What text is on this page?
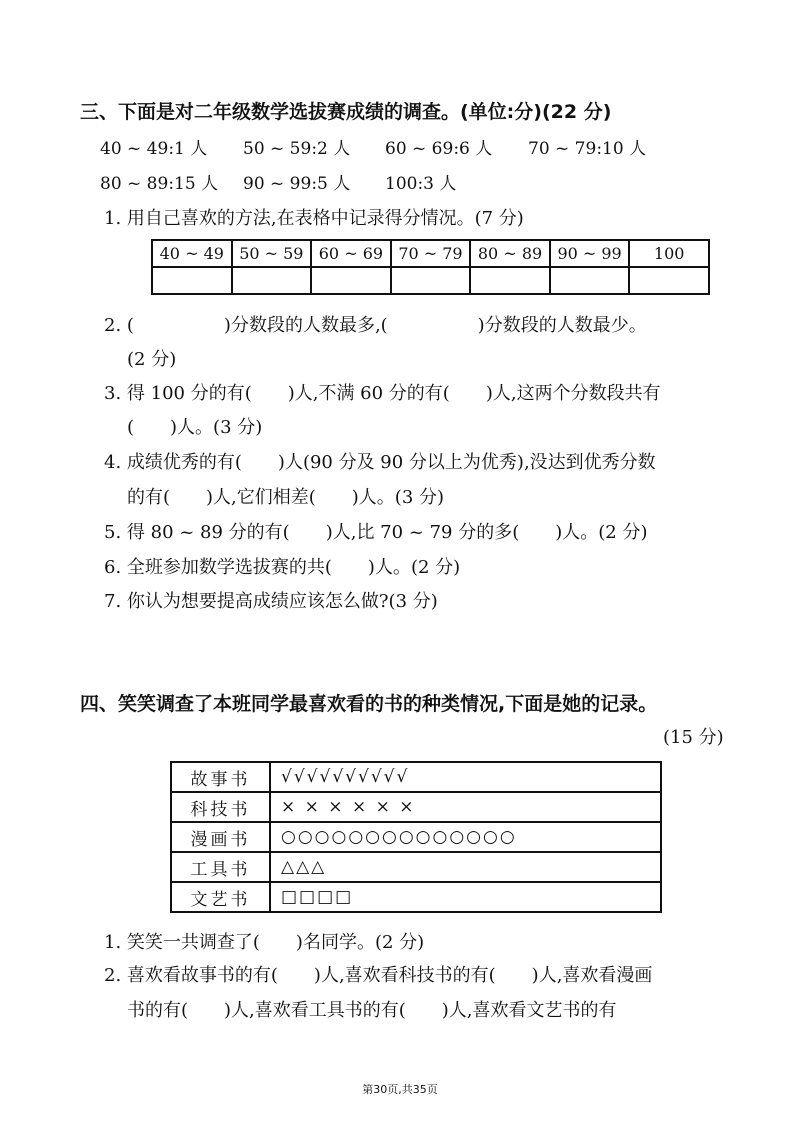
三、下面是对二年级数学选拔赛成绩的调查。(单位:分)(22 分)
40 ~ 49:1 人 50 ~ 59:2 人 60 ~ 69:6 人 70 ~ 79:10 人
80 ~ 89:15 人 90 ~ 99:5 人 100:3 人
1. 用自己喜欢的方法,在表格中记录得分情况。(7 分)
40 ~ 49	50 ~ 59	60 ~ 69	70 ~ 79	80 ~ 89	90 ~ 99	100

2. (　　　　　)分数段的人数最多,(　　　　　)分数段的人数最少。
(2 分)
3. 得 100 分的有(　　)人,不满 60 分的有(　　)人,这两个分数段共有
(　　)人。(3 分)
4. 成绩优秀的有(　　)人(90 分及 90 分以上为优秀),没达到优秀分数
的有(　　)人,它们相差(　　)人。(3 分)
5. 得 80 ~ 89 分的有(　　)人,比 70 ~ 79 分的多(　　)人。(2 分)
6. 全班参加数学选拔赛的共(　　)人。(2 分)
7. 你认为想要提高成绩应该怎么做?(3 分)
四、笑笑调查了本班同学最喜欢看的书的种类情况,下面是她的记录。
(15 分)
故事书	√√√√√√√√√√
科技书	× × × × × ×
漫画书	○○○○○○○○○○○○○○
工具书	△△△
文艺书	□□□□
1. 笑笑一共调查了(　　)名同学。(2 分)
2. 喜欢看故事书的有(　　)人,喜欢看科技书的有(　　)人,喜欢看漫画
书的有(　　)人,喜欢看工具书的有(　　)人,喜欢看文艺书的有
第30页,共35页
